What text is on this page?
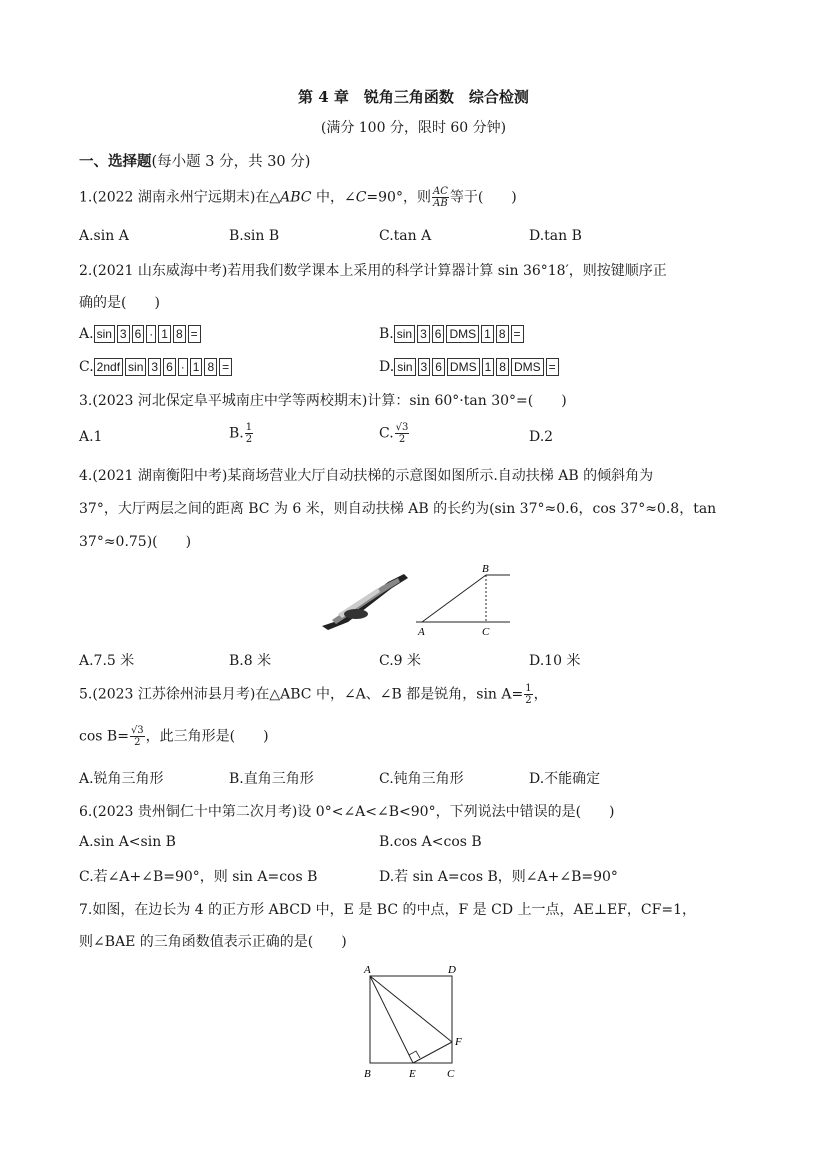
第 4 章　锐角三角函数　综合检测
(满分 100 分，限时 60 分钟)
一、选择题(每小题 3 分，共 30 分)
1.(2022 湖南永州宁远期末)在△ABC 中，∠C=90°，则 $\frac{AC}{AB}$ 等于(　　)
A.sin A	B.sin B	C.tan A	D.tan B
2.(2021 山东威海中考)若用我们数学课本上采用的科学计算器计算 sin 36°18′，则按键顺序正
确的是(　　)
A. sin 3 6 · 1 8 =	B. sin 3 6 DMS 1 8 =
C. 2ndf sin 3 6 · 1 8 =	D. sin 3 6 DMS 1 8 DMS =
3.(2023 河北保定阜平城南庄中学等两校期末)计算：sin 60°·tan 30°=(　　)
A.1	B. $\frac{1}{2}$	C. $\frac{√3}{2}$	D.2
4.(2021 湖南衡阳中考)某商场营业大厅自动扶梯的示意图如图所示.自动扶梯 AB 的倾斜角为
37°，大厅两层之间的距离 BC 为 6 米，则自动扶梯 AB 的长约为(sin 37°≈0.6，cos 37°≈0.8，tan
37°≈0.75)(　　)
A	C
B
A.7.5 米	B.8 米	C.9 米	D.10 米
5.(2023 江苏徐州沛县月考)在△ABC 中，∠A、∠B 都是锐角，$\sin A= \frac{1}{2}$ ，
$\cos B= \frac{√3}{2}$ ，此三角形是(　　)
A.锐角三角形	B.直角三角形	C.钝角三角形	D.不能确定
6.(2023 贵州铜仁十中第二次月考)设 0°<∠A<∠B<90°，下列说法中错误的是(　　)
A.sin A<sin B	B.cos A<cos B
C.若∠A+∠B=90°，则 sin A=cos B	D.若 sin A=cos B，则∠A+∠B=90°
7.如图，在边长为 4 的正方形 ABCD 中，E 是 BC 的中点，F 是 CD 上一点，AE⊥EF，CF=1，
则∠BAE 的三角函数值表示正确的是(　　)
A	D
B	E	C
F
